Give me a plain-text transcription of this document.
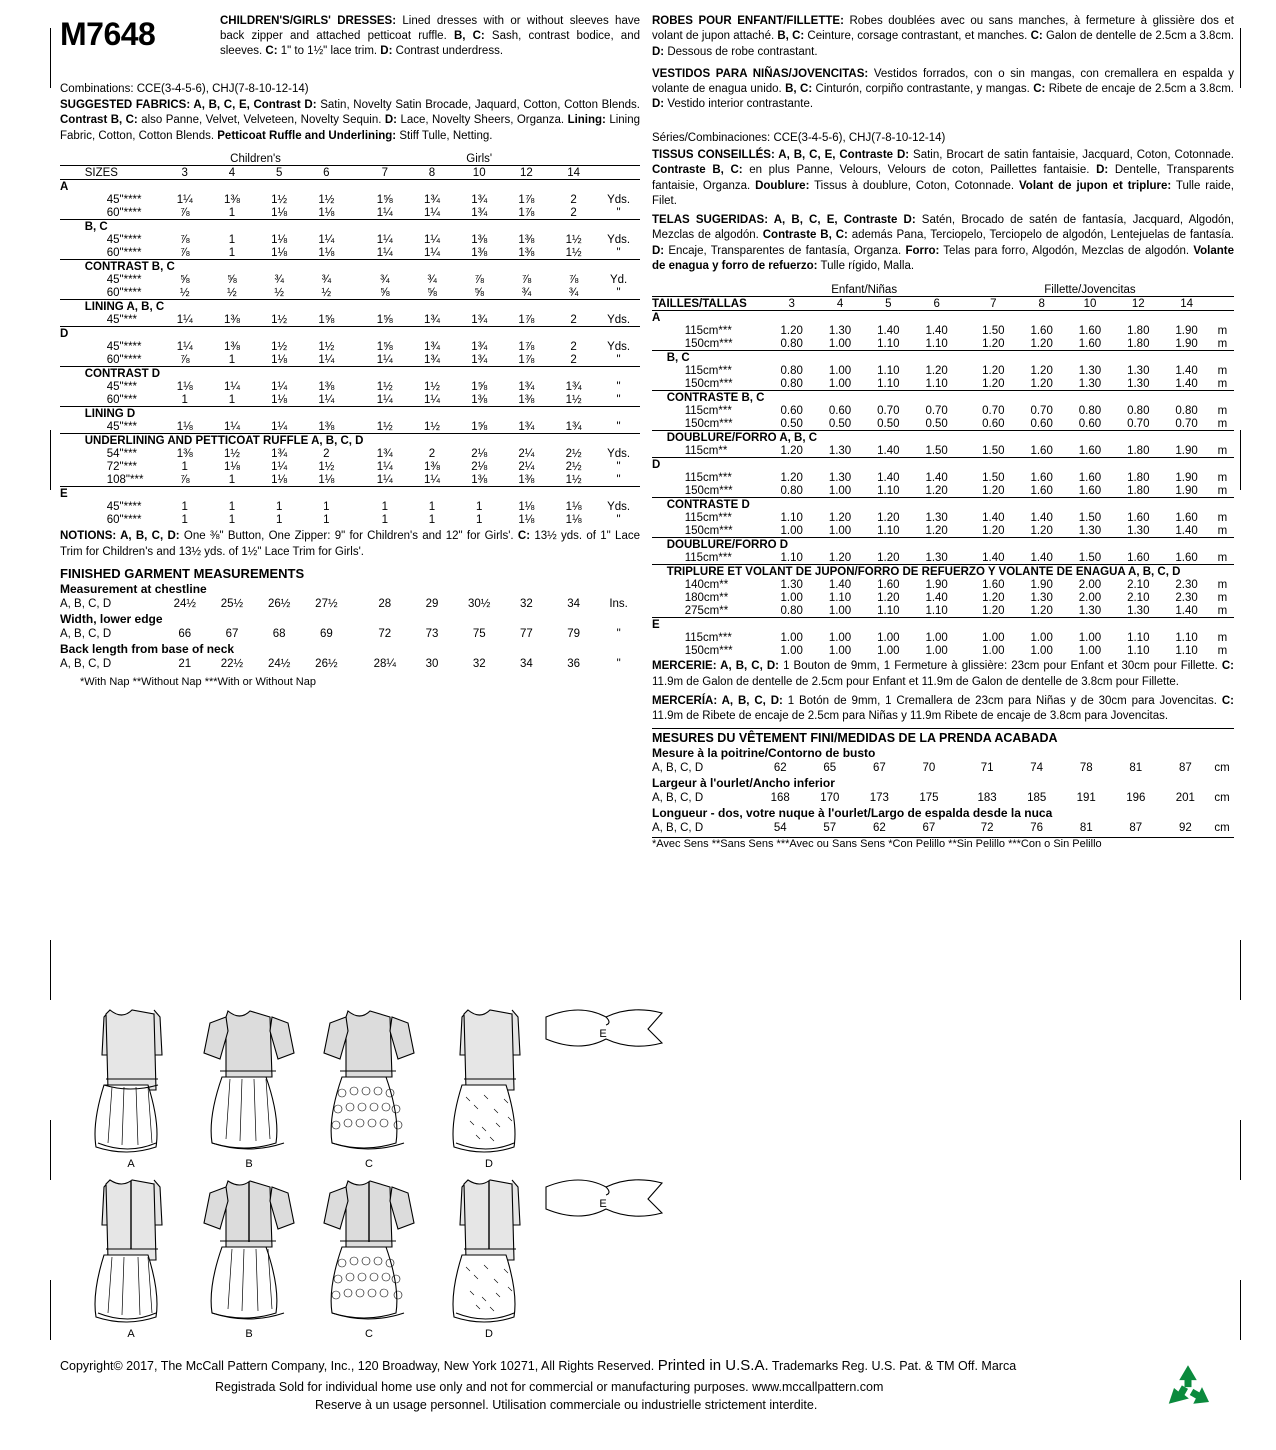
M7648	CHILDREN'S/GIRLS' DRESSES: Lined dresses with or without sleeves have back zipper and attached petticoat ruffle. B, C: Sash, contrast bodice, and sleeves. C: 1" to 1½" lace trim. D: Contrast underdress.
Combinations: CCE(3-4-5-6), CHJ(7-8-10-12-14)
SUGGESTED FABRICS: A, B, C, E, Contrast D: Satin, Novelty Satin Brocade, Jaquard, Cotton, Cotton Blends. Contrast B, C: also Panne, Velvet, Velveteen, Novelty Sequin. D: Lace, Novelty Sheers, Organza. Lining: Lining Fabric, Cotton, Cotton Blends. Petticoat Ruffle and Underlining: Stiff Tulle, Netting.
		Children's					Girls'					
	SIZES	3	4	5	6		7	8	10	12	14	
A												
	45"****	1¼	1⅜	1½	1½		1⅝	1¾	1¾	1⅞	2	Yds.
	60"****	⅞	1	1⅛	1⅛		1¼	1¼	1¾	1⅞	2	"
	B, C											
	45"****	⅞	1	1⅛	1¼		1¼	1¼	1⅜	1⅜	1½	Yds.
	60"****	⅞	1	1⅛	1⅛		1¼	1¼	1⅜	1⅜	1½	"
	CONTRAST B, C											
	45"****	⅝	⅝	¾	¾		¾	¾	⅞	⅞	⅞	Yd.
	60"****	½	½	½	½		⅝	⅝	⅝	¾	¾	"
	LINING A, B, C											
	45"***	1¼	1⅜	1½	1⅝		1⅝	1¾	1¾	1⅞	2	Yds.
D												
	45"****	1¼	1⅜	1½	1½		1⅝	1¾	1¾	1⅞	2	Yds.
	60"****	⅞	1	1⅛	1¼		1¼	1¾	1¾	1⅞	2	"
	CONTRAST D											
	45"***	1⅛	1¼	1¼	1⅜		1½	1½	1⅝	1¾	1¾	"
	60"***	1	1	1⅛	1¼		1¼	1¼	1⅜	1⅜	1½	"
	LINING D											
	45"***	1⅛	1¼	1¼	1⅜		1½	1½	1⅝	1¾	1¾	"
	UNDERLINING AND PETTICOAT RUFFLE A, B, C, D											
	54"***	1⅜	1½	1¾	2		1¾	2	2⅛	2¼	2½	Yds.
	72"***	1	1⅛	1¼	1½		1¼	1⅜	2⅛	2¼	2½	"
	108"***	⅞	1	1⅛	1⅛		1¼	1¼	1⅜	1⅜	1½	"
E												
	45"****	1	1	1	1		1	1	1	1⅛	1⅛	Yds.
	60"****	1	1	1	1		1	1	1	1⅛	1⅛	"
NOTIONS: A, B, C, D: One ⅜" Button, One Zipper: 9" for Children's and 12" for Girls'. C: 13½ yds. of 1" Lace Trim for Children's and 13½ yds. of 1½" Lace Trim for Girls'.
FINISHED GARMENT MEASUREMENTS
Measurement at chestline											
A, B, C, D	24½	25½	26½	27½		28	29	30½	32	34	Ins.
Width, lower edge											
A, B, C, D	66	67	68	69		72	73	75	77	79	"
Back length from base of neck											
A, B, C, D	21	22½	24½	26½		28¼	30	32	34	36	"
*With Nap **Without Nap ***With or Without Nap
ROBES POUR ENFANT/FILLETTE: Robes doublées avec ou sans manches, à fermeture à glissière dos et volant de jupon attaché. B, C: Ceinture, corsage contrastant, et manches. C: Galon de dentelle de 2.5cm a 3.8cm. D: Dessous de robe contrastant.
VESTIDOS PARA NIÑAS/JOVENCITAS: Vestidos forrados, con o sin mangas, con cremallera en espalda y volante de enagua unido. B, C: Cinturón, corpiño contrastante, y mangas. C: Ribete de encaje de 2.5cm a 3.8cm. D: Vestido interior contrastante.
Séries/Combinaciones: CCE(3-4-5-6), CHJ(7-8-10-12-14)
TISSUS CONSEILLÉS: A, B, C, E, Contraste D: Satin, Brocart de satin fantaisie, Jacquard, Coton, Cotonnade. Contraste B, C: en plus Panne, Velours, Velours de coton, Paillettes fantaisie. D: Dentelle, Transparents fantaisie, Organza. Doublure: Tissus à doublure, Coton, Cotonnade. Volant de jupon et triplure: Tulle raide, Filet.
TELAS SUGERIDAS: A, B, C, E, Contraste D: Satén, Brocado de satén de fantasía, Jacquard, Algodón, Mezclas de algodón. Contraste B, C: además Pana, Terciopelo, Terciopelo de algodón, Lentejuelas de fantasía. D: Encaje, Transparentes de fantasía, Organza. Forro: Telas para forro, Algodón, Mezclas de algodón. Volante de enagua y forro de refuerzo: Tulle rígido, Malla.
		Enfant/Niñas					Fillette/Jovencitas					
TAILLES/TALLAS		3	4	5	6		7	8	10	12	14	
A												
	115cm***	1.20	1.30	1.40	1.40		1.50	1.60	1.60	1.80	1.90	m
	150cm***	0.80	1.00	1.10	1.10		1.20	1.20	1.60	1.80	1.90	m
	B, C											
	115cm***	0.80	1.00	1.10	1.20		1.20	1.20	1.30	1.30	1.40	m
	150cm***	0.80	1.00	1.10	1.10		1.20	1.20	1.30	1.30	1.40	m
	CONTRASTE B, C											
	115cm***	0.60	0.60	0.70	0.70		0.70	0.70	0.80	0.80	0.80	m
	150cm***	0.50	0.50	0.50	0.50		0.60	0.60	0.60	0.70	0.70	m
	DOUBLURE/FORRO A, B, C											
	115cm**	1.20	1.30	1.40	1.50		1.50	1.60	1.60	1.80	1.90	m
D												
	115cm***	1.20	1.30	1.40	1.40		1.50	1.60	1.60	1.80	1.90	m
	150cm***	0.80	1.00	1.10	1.20		1.20	1.60	1.60	1.80	1.90	m
	CONTRASTE D											
	115cm***	1.10	1.20	1.20	1.30		1.40	1.40	1.50	1.60	1.60	m
	150cm***	1.00	1.00	1.10	1.20		1.20	1.20	1.30	1.30	1.40	m
	DOUBLURE/FORRO D											
	115cm***	1.10	1.20	1.20	1.30		1.40	1.40	1.50	1.60	1.60	m
	TRIPLURE ET VOLANT DE JUPON/FORRO DE REFUERZO Y VOLANTE DE ENAGUA A, B, C, D											
	140cm**	1.30	1.40	1.60	1.90		1.60	1.90	2.00	2.10	2.30	m
	180cm**	1.00	1.10	1.20	1.40		1.20	1.30	2.00	2.10	2.30	m
	275cm**	0.80	1.00	1.10	1.10		1.20	1.20	1.30	1.30	1.40	m
E												
	115cm***	1.00	1.00	1.00	1.00		1.00	1.00	1.00	1.10	1.10	m
	150cm***	1.00	1.00	1.00	1.00		1.00	1.00	1.00	1.10	1.10	m
MERCERIE: A, B, C, D: 1 Bouton de 9mm, 1 Fermeture à glissière: 23cm pour Enfant et 30cm pour Fillette. C: 11.9m de Galon de dentelle de 2.5cm pour Enfant et 11.9m de Galon de dentelle de 3.8cm pour Fillette.
MERCERÍA: A, B, C, D: 1 Botón de 9mm, 1 Cremallera de 23cm para Niñas y de 30cm para Jovencitas. C: 11.9m de Ribete de encaje de 2.5cm para Niñas y 11.9m Ribete de encaje de 3.8cm para Jovencitas.
MESURES DU VÊTEMENT FINI/MEDIDAS DE LA PRENDA ACABADA
Mesure à la poitrine/Contorno de busto											
A, B, C, D	62	65	67	70		71	74	78	81	87	cm
Largeur à l'ourlet/Ancho inferior											
A, B, C, D	168	170	173	175		183	185	191	196	201	cm
Longueur - dos, votre nuque à l'ourlet/Largo de espalda desde la nuca											
A, B, C, D	54	57	62	67		72	76	81	87	92	cm
*Avec Sens **Sans Sens ***Avec ou Sans Sens *Con Pelillo **Sin Pelillo ***Con o Sin Pelillo
A	B	C	D
E
A	B	C	D
E
Copyright© 2017, The McCall Pattern Company, Inc., 120 Broadway, New York 10271, All Rights Reserved. Printed in U.S.A. Trademarks Reg. U.S. Pat. & TM Off. Marca
Registrada Sold for individual home use only and not for commercial or manufacturing purposes. www.mccallpattern.com
Reserve à un usage personnel. Utilisation commerciale ou industrielle strictement interdite.
